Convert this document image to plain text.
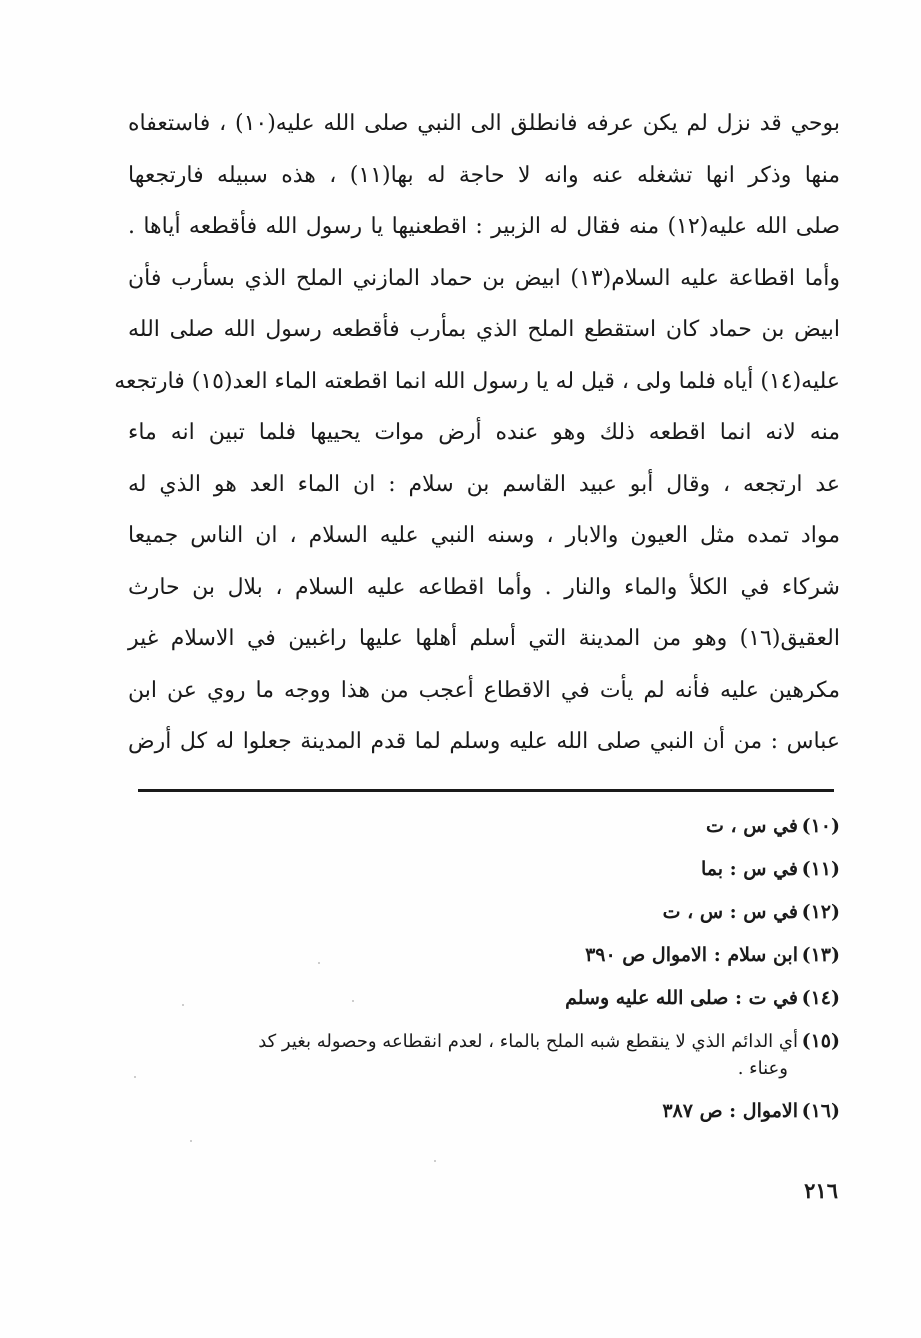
بوحي قد نزل لم يكن عرفه فانطلق الى النبي صلى الله عليه(١٠) ، فاستعفاه
منها وذكر انها تشغله عنه وانه لا حاجة له بها(١١) ، هذه سبيله فارتجعها
صلى الله عليه(١٢) منه فقال له الزبير : اقطعنيها يا رسول الله فأقطعه أياها .
وأما اقطاعة عليه السلام(١٣) ابيض بن حماد المازني الملح الذي بسأرب فأن
ابيض بن حماد كان استقطع الملح الذي بمأرب فأقطعه رسول الله صلى الله
عليه(١٤) أياه فلما ولى ، قيل له يا رسول الله انما اقطعته الماء العد(١٥) فارتجعه
منه لانه انما اقطعه ذلك وهو عنده أرض موات يحييها فلما تبين انه ماء
عد ارتجعه ، وقال أبو عبيد القاسم بن سلام : ان الماء العد هو الذي له
مواد تمده مثل العيون والابار ، وسنه النبي عليه السلام ، ان الناس جميعا
شركاء في الكلأ والماء والنار . وأما اقطاعه عليه السلام ، بلال بن حارث
العقيق(١٦) وهو من المدينة التي أسلم أهلها عليها راغبين في الاسلام غير
مكرهين عليه فأنه لم يأت في الاقطاع أعجب من هذا ووجه ما روي عن ابن
عباس : من أن النبي صلى الله عليه وسلم لما قدم المدينة جعلوا له كل أرض
(١٠)في س ، ت
(١١)في س : بما
(١٢)في س : س ، ت
(١٣)ابن سلام : الاموال ص ٣٩٠
(١٤)في ت : صلى الله عليه وسلم
(١٥)أي الدائم الذي لا ينقطع شبه الملح بالماء ، لعدم انقطاعه وحصوله بغير كد
وعناء .
(١٦)الاموال : ص ٣٨٧
٢١٦
